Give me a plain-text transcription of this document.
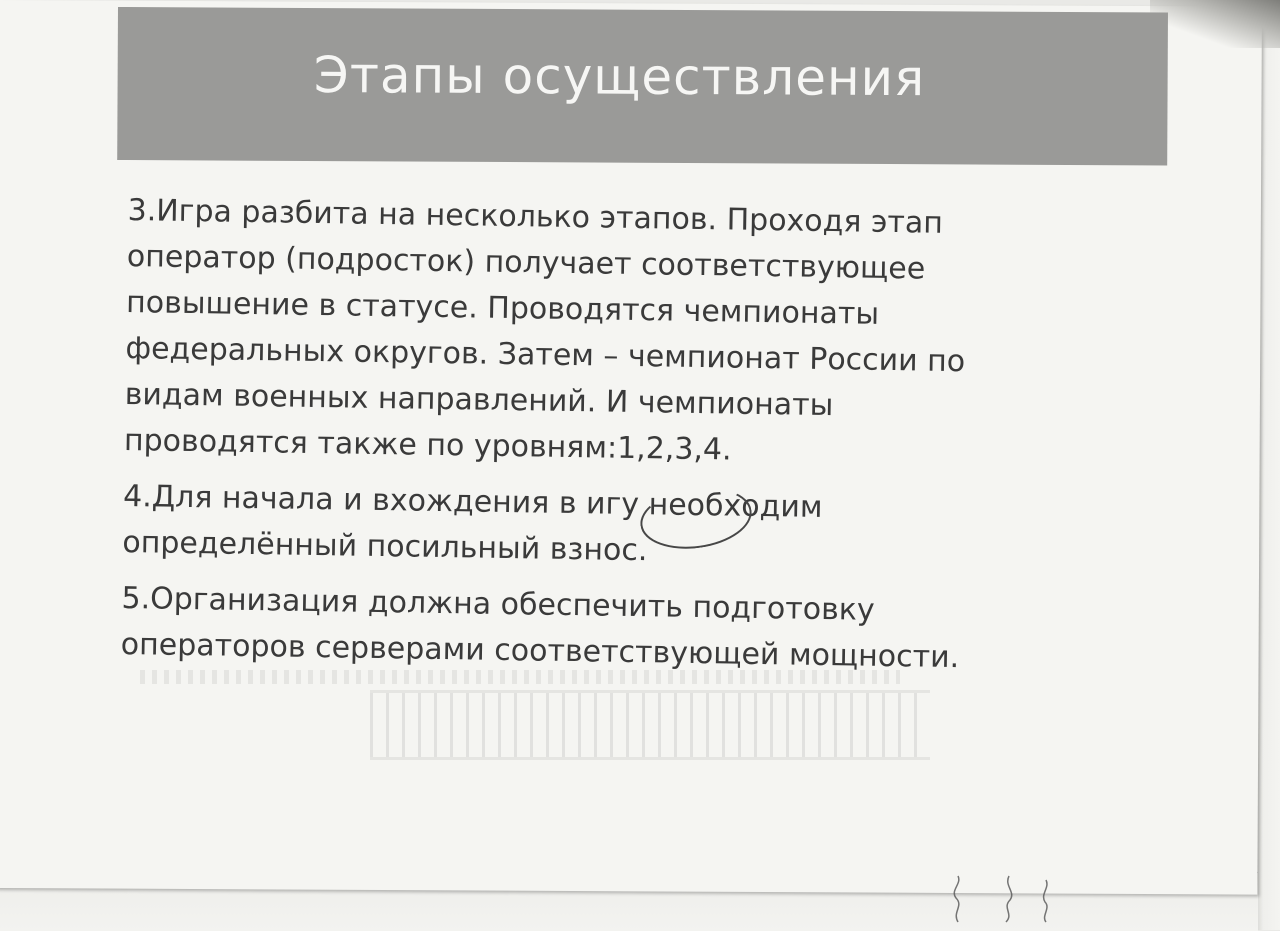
Этапы осуществления

3.Игра разбита на несколько этапов. Проходя этап
оператор (подросток) получает соответствующее
повышение в статусе. Проводятся чемпионаты
федеральных округов. Затем – чемпионат России по
видам военных направлений. И чемпионаты
проводятся также по уровням:1,2,3,4.

4.Для начала и вхождения в игу необходим
определённый посильный взнос.

5.Организация должна обеспечить подготовку
операторов серверами соответствующей мощности.
